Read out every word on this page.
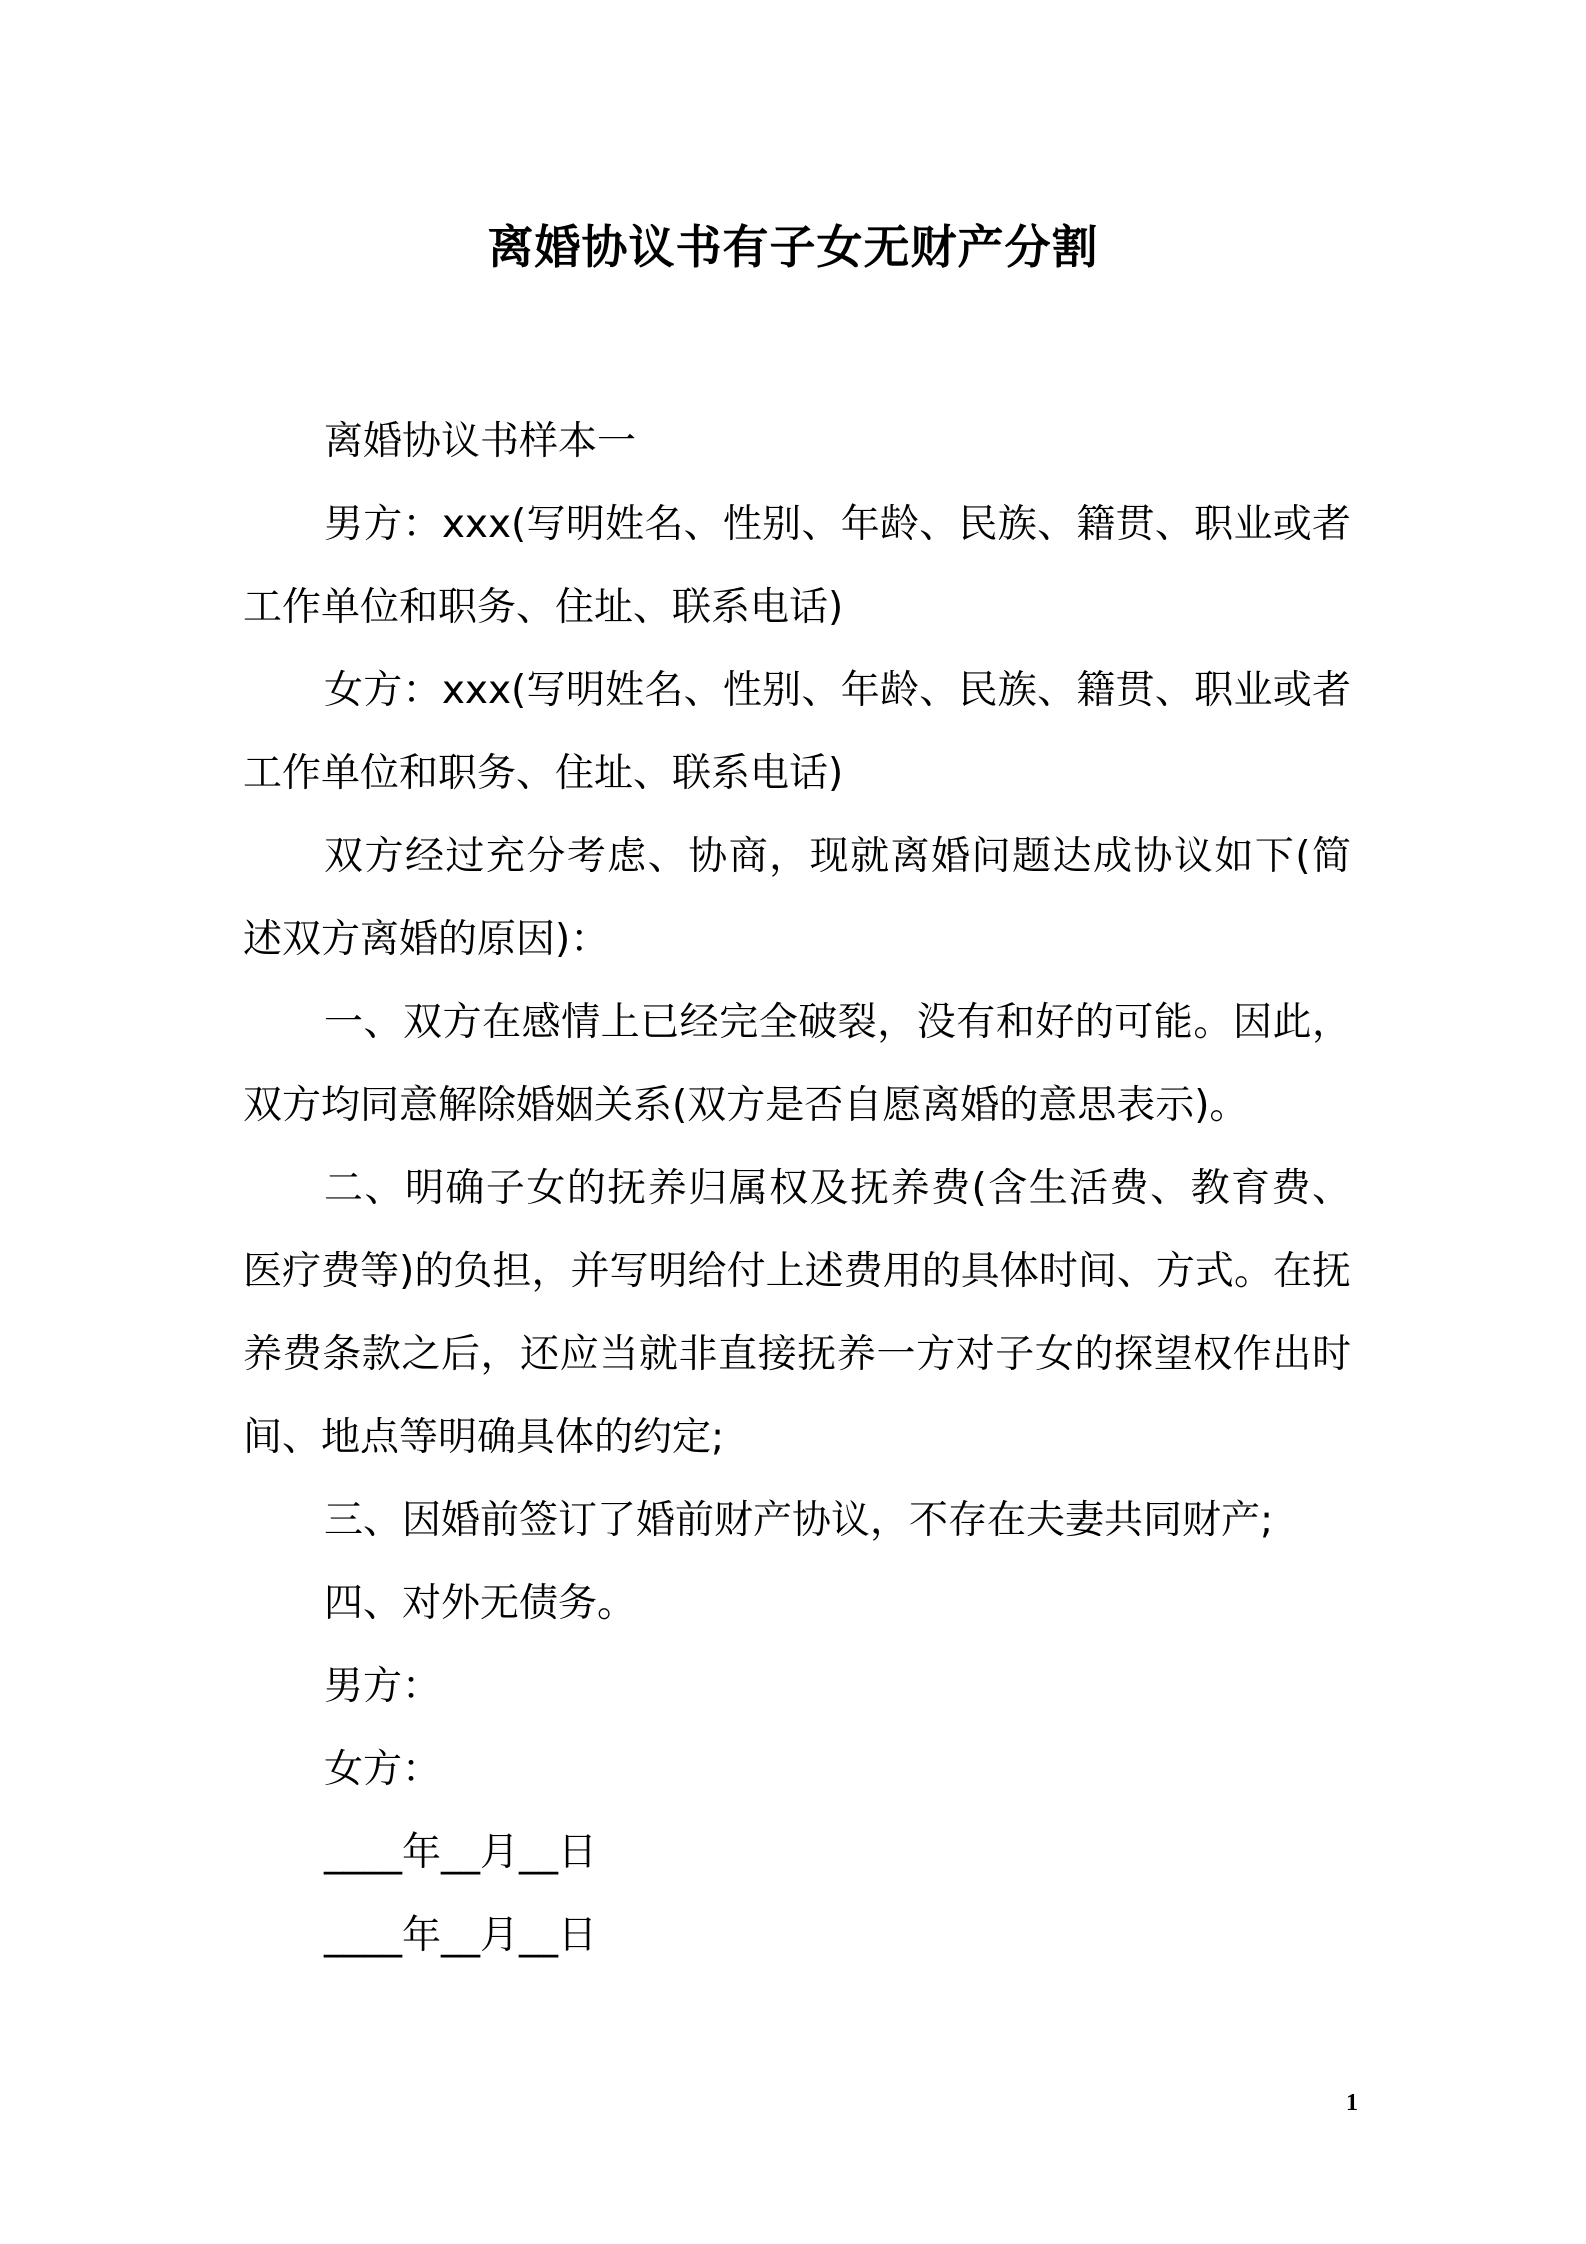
离婚协议书有子女无财产分割

离婚协议书样本一

男方：xxx(写明姓名、性别、年龄、民族、籍贯、职业或者工作单位和职务、住址、联系电话)

女方：xxx(写明姓名、性别、年龄、民族、籍贯、职业或者工作单位和职务、住址、联系电话)

双方经过充分考虑、协商，现就离婚问题达成协议如下(简述双方离婚的原因)：

一、双方在感情上已经完全破裂，没有和好的可能。因此，双方均同意解除婚姻关系(双方是否自愿离婚的意思表示)。

二、明确子女的抚养归属权及抚养费(含生活费、教育费、医疗费等)的负担，并写明给付上述费用的具体时间、方式。在抚养费条款之后，还应当就非直接抚养一方对子女的探望权作出时间、地点等明确具体的约定;

三、因婚前签订了婚前财产协议，不存在夫妻共同财产;

四、对外无债务。

男方：

女方：

____年__月__日

____年__月__日

1
